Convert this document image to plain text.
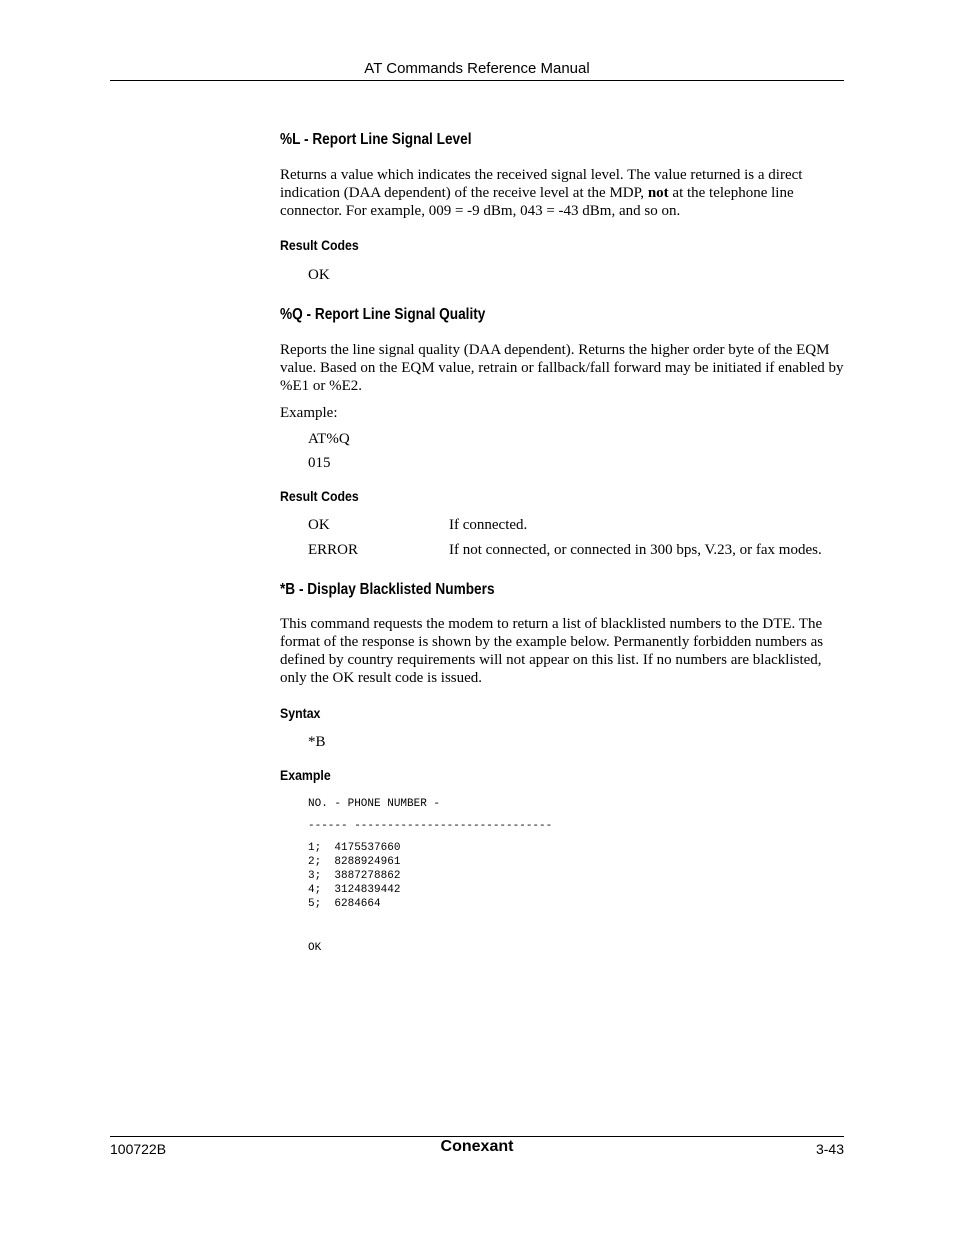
AT Commands Reference Manual
%L - Report Line Signal Level

Returns a value which indicates the received signal level. The value returned is a direct indication (DAA dependent) of the receive level at the MDP, not at the telephone line connector. For example, 009 = -9 dBm, 043 = -43 dBm, and so on.

Result Codes
OK
%Q - Report Line Signal Quality

Reports the line signal quality (DAA dependent). Returns the higher order byte of the EQM value. Based on the EQM value, retrain or fallback/fall forward may be initiated if enabled by %E1 or %E2.

Example:
AT%Q
015
Result Codes
OK	If connected.
ERROR	If not connected, or connected in 300 bps, V.23, or fax modes.
*B - Display Blacklisted Numbers

This command requests the modem to return a list of blacklisted numbers to the DTE. The format of the response is shown by the example below. Permanently forbidden numbers as defined by country requirements will not appear on this list. If no numbers are blacklisted, only the OK result code is issued.

Syntax
*B
Example
NO. - PHONE NUMBER -
------ ------------------------------
1;  4175537660
2;  8288924961
3;  3887278862
4;  3124839442
5;  6284664
OK
100722B	Conexant	3-43
